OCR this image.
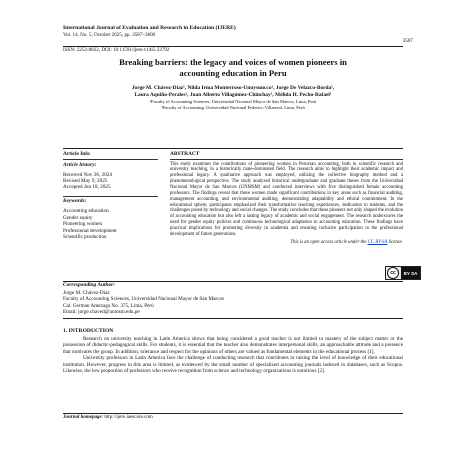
International Journal of Evaluation and Research in Education (IJERE)
Vol. 14, No. 5, October 2025, pp. 3587~3600
ISSN: 2252-8822, DOI: 10.11591/ijere.v14i5.33792
3587
Breaking barriers: the legacy and voices of women pioneers in
accounting education in Peru
Jorge M. Chávez-Díaz¹, Nilda Irma Monterroso-Unuysuncco¹, Jorge De Velazco-Borda¹,
Laura Aquiño-Perales², Juan Alberto Villagómez-Chinchay², Mélida H. Pecho-Rafael¹
¹Faculty of Accounting Sciences, Universidad Nacional Mayor de San Marcos, Lima, Perú
²Faculty of Accounting, Universidad Nacional Federico Villarreal, Lima, Perú
Article Info
Article history:
Received Nov 26, 2024
Revised May 9, 2025
Accepted Jun 18, 2025
Keywords:
Accounting education
Gender equity
Pioneering women
Professional development
Scientific production
ABSTRACT
This study examines the contributions of pioneering women in Peruvian accounting, both in scientific research and university teaching, in a historically male-dominated field. The research aims to highlight their academic impact and professional legacy. A qualitative approach was employed, utilizing the collective biography method and a phenomenological perspective. The study analyzed historical undergraduate and graduate theses from the Universidad Nacional Mayor de San Marcos (UNMSM) and conducted interviews with five distinguished female accounting professors. The findings reveal that these women made significant contributions in key areas such as financial auditing, management accounting, and environmental auditing, demonstrating adaptability and ethical commitment. In the educational sphere, participants emphasized their transformative teaching experiences, dedication to students, and the challenges posed by technology and social changes. The study concludes that these pioneers not only shaped the evolution of accounting education but also left a lasting legacy of academic and social engagement. The research underscores the need for gender equity policies and continuous technological adaptation in accounting education. These findings have practical implications for promoting diversity in academia and ensuring inclusive participation in the professional development of future generations.
This is an open access article under the CC BY-SA license.
cc	BY SA
Corresponding Author:
Jorge M. Chávez-Díaz
Faculty of Accounting Sciences, Universidad Nacional Mayor de San Marcos
Cal. German Amezaga No. 375, Lima, Perú
Email: jorge.chaved@unmsm.edu.pe
1. INTRODUCTION

Research on university teaching in Latin America shows that being considered a good teacher is not limited to mastery of the subject matter or the possession of didactic-pedagogical skills. For students, it is essential that the teacher also demonstrates interpersonal skills, an approachable attitude and a presence that motivates the group. In addition, tolerance and respect for the opinions of others are valued as fundamental elements in the educational process [1].

University professors in Latin America face the challenge of conducting research that contributes to raising the level of knowledge of their educational institution. However, progress in this area is limited, as evidenced by the small number of specialized accounting journals indexed in databases, such as Scopus. Likewise, the low proportion of professors who receive recognition from science and technology organizations is notorious [2].

Journal homepage: http://ijere.iaescore.com
